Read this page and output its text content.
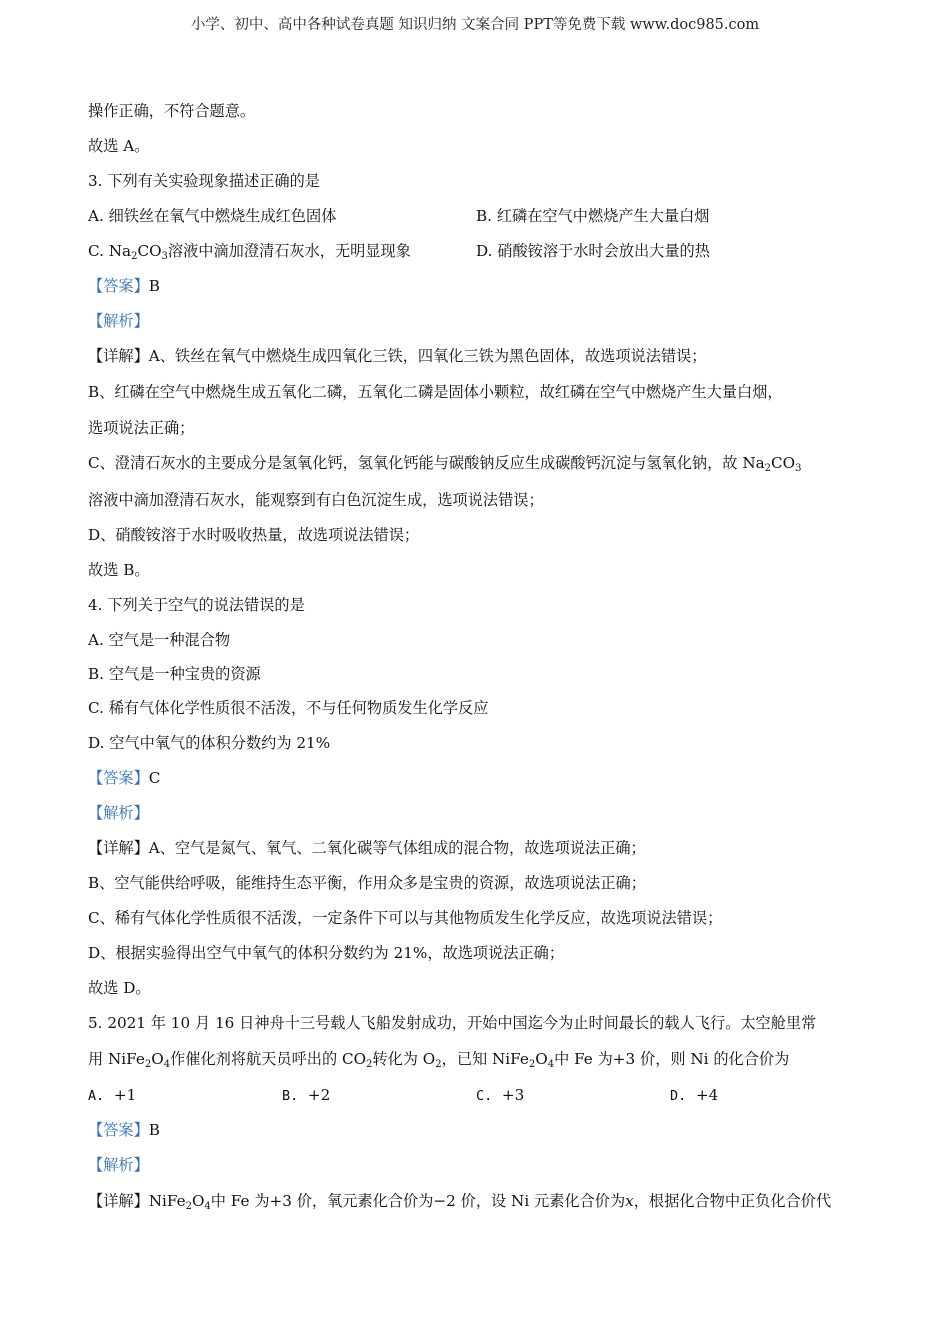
小学、初中、高中各种试卷真题 知识归纳 文案合同 PPT等免费下载 www.doc985.com
操作正确，不符合题意。
故选 A。
3. 下列有关实验现象描述正确的是
A. 细铁丝在氧气中燃烧生成红色固体	B. 红磷在空气中燃烧产生大量白烟
C. $Na_2CO_3$溶液中滴加澄清石灰水，无明显现象	D. 硝酸铵溶于水时会放出大量的热
【答案】B
【解析】
【详解】A、铁丝在氧气中燃烧生成四氧化三铁，四氧化三铁为黑色固体，故选项说法错误；
B、红磷在空气中燃烧生成五氧化二磷，五氧化二磷是固体小颗粒，故红磷在空气中燃烧产生大量白烟，
选项说法正确；
C、澄清石灰水的主要成分是氢氧化钙，氢氧化钙能与碳酸钠反应生成碳酸钙沉淀与氢氧化钠，故 $Na_2CO_3$
溶液中滴加澄清石灰水，能观察到有白色沉淀生成，选项说法错误；
D、硝酸铵溶于水时吸收热量，故选项说法错误；
故选 B。
4. 下列关于空气的说法错误的是
A. 空气是一种混合物
B. 空气是一种宝贵的资源
C. 稀有气体化学性质很不活泼，不与任何物质发生化学反应
D. 空气中氧气的体积分数约为 21%
【答案】C
【解析】
【详解】A、空气是氮气、氧气、二氧化碳等气体组成的混合物，故选项说法正确；
B、空气能供给呼吸，能维持生态平衡，作用众多是宝贵的资源，故选项说法正确；
C、稀有气体化学性质很不活泼，一定条件下可以与其他物质发生化学反应，故选项说法错误；
D、根据实验得出空气中氧气的体积分数约为 21%，故选项说法正确；
故选 D。
5. 2021 年 10 月 16 日神舟十三号载人飞船发射成功，开始中国迄今为止时间最长的载人飞行。太空舱里常
用 $NiFe_2O_4$作催化剂将航天员呼出的 $CO_2$转化为 $O_2$，已知 $NiFe_2O_4$中 Fe 为+3 价，则 Ni 的化合价为
A. +1	B. +2	C. +3	D. +4
【答案】B
【解析】
【详解】$NiFe_2O_4$中 Fe 为+3 价，氧元素化合价为−2 价，设 Ni 元素化合价为x，根据化合物中正负化合价代
